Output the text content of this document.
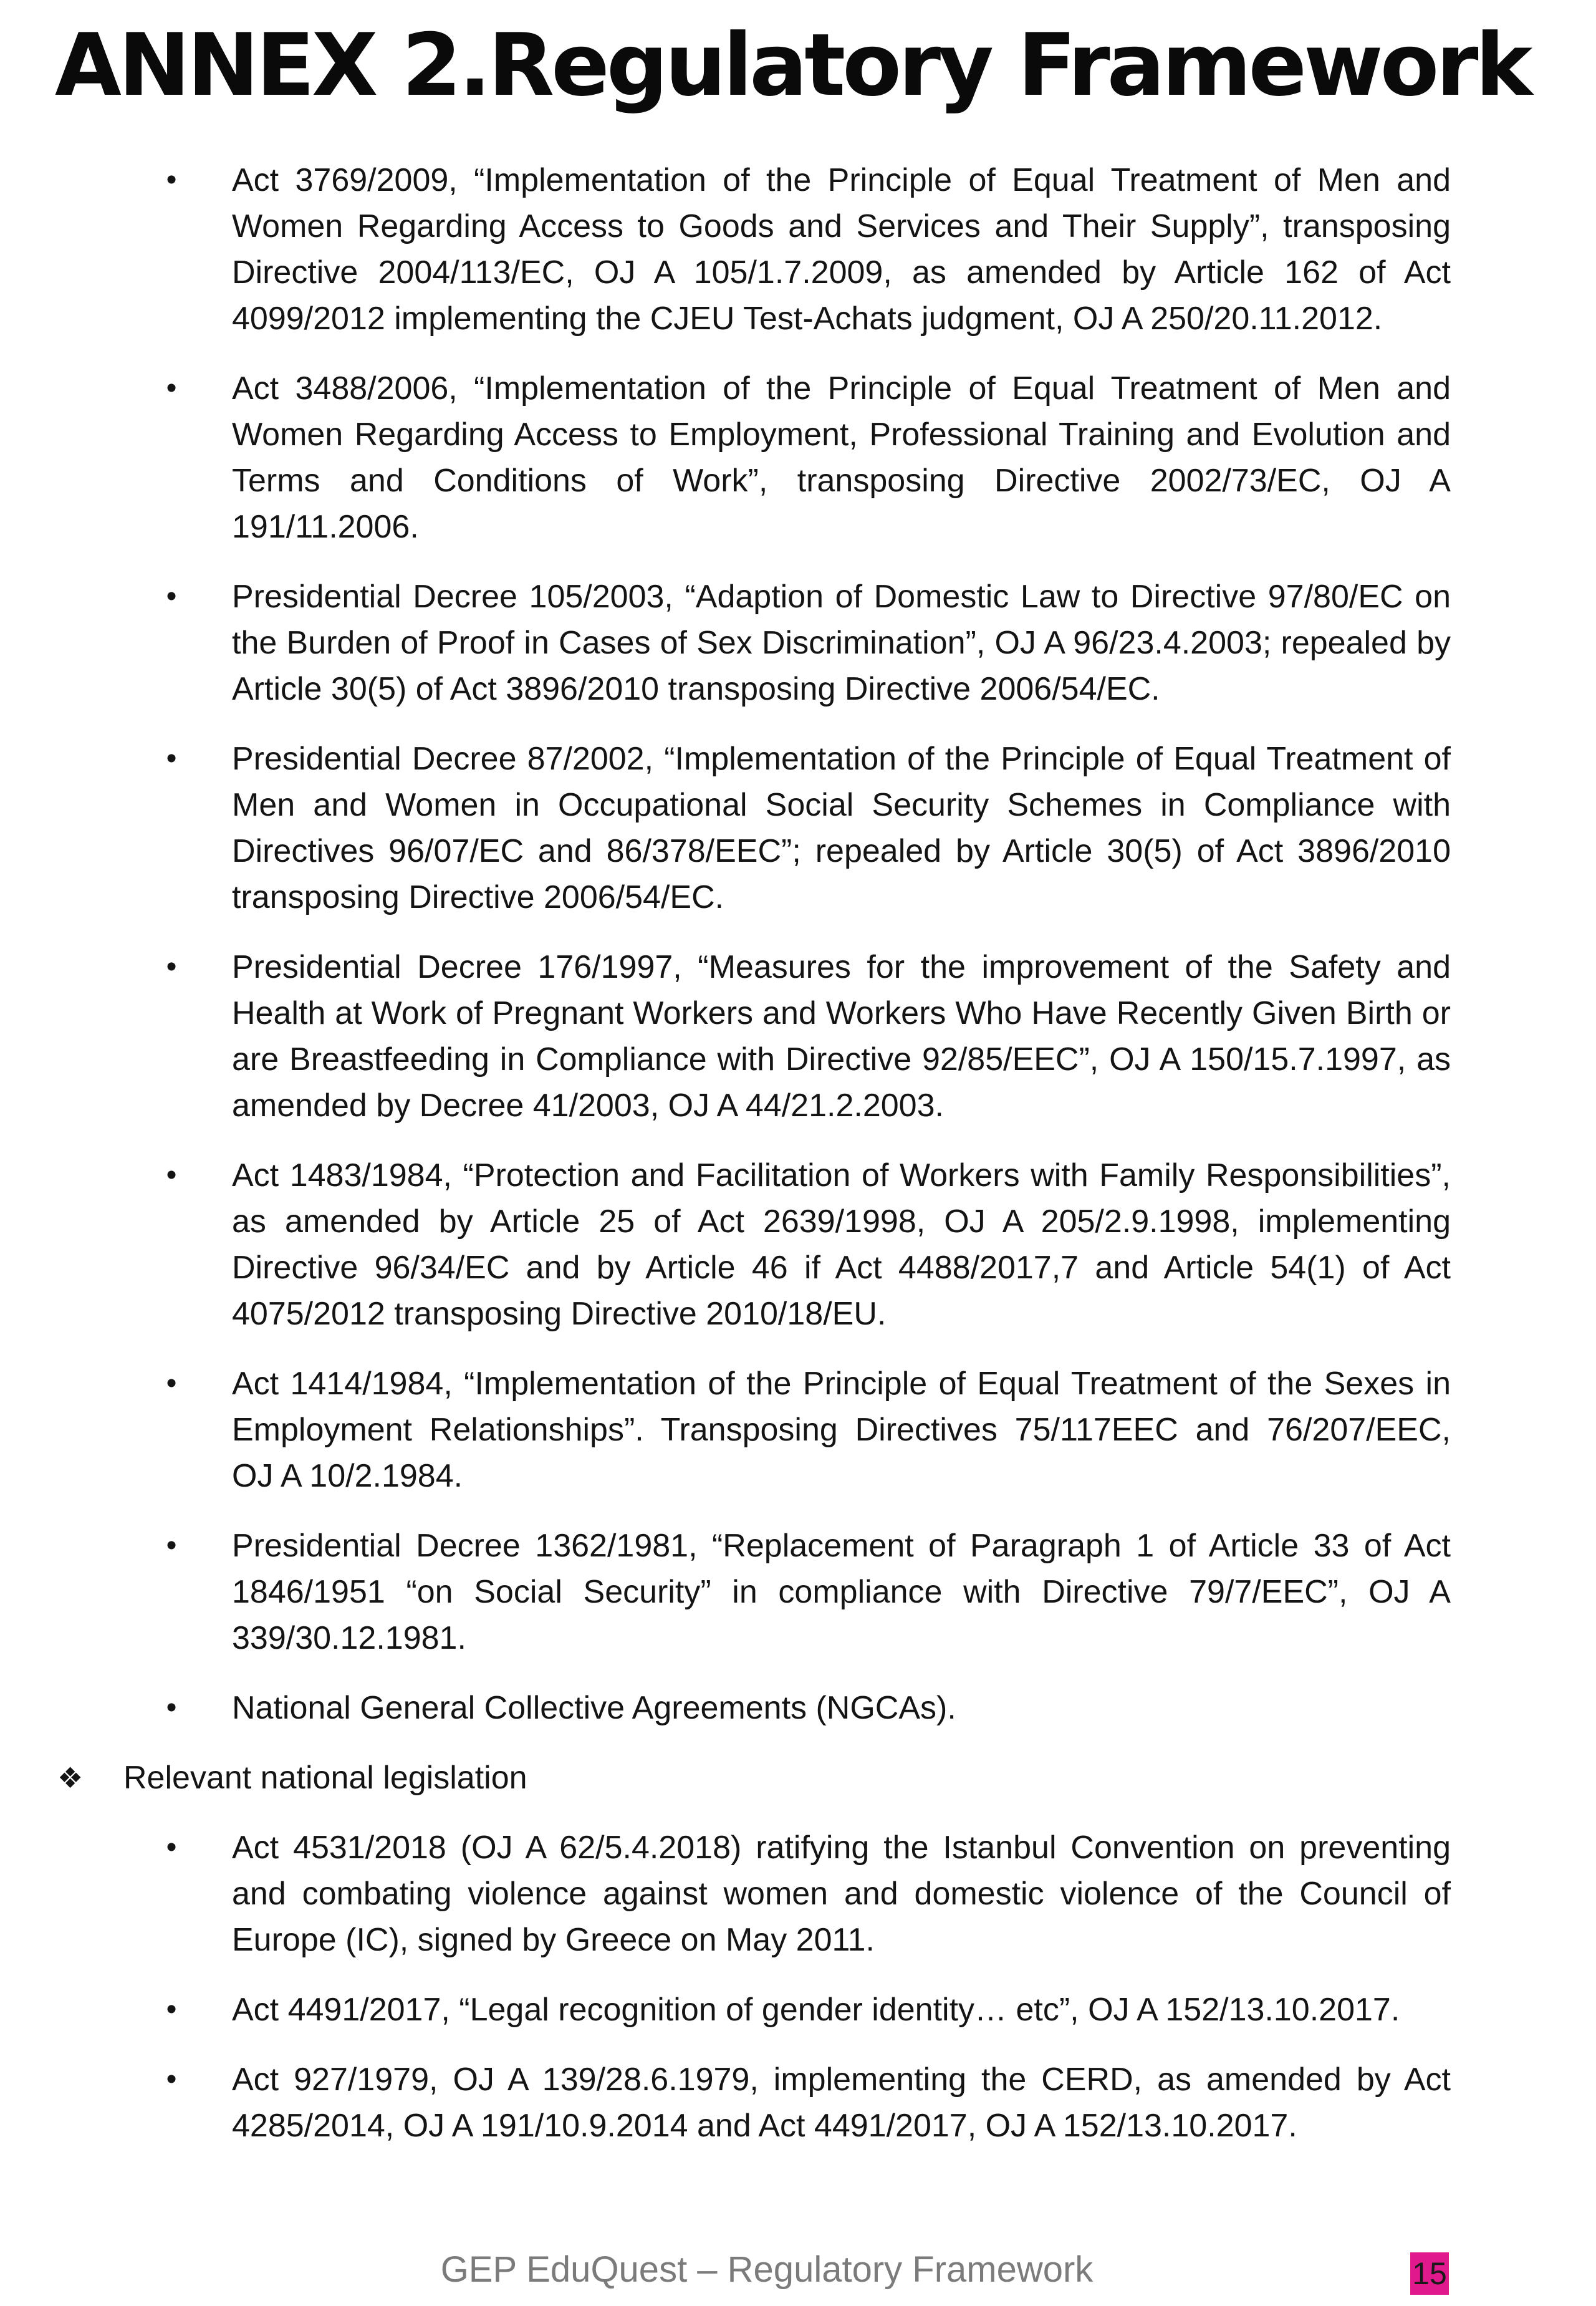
ANNEX 2.Regulatory Framework
• Act 3769/2009, “Implementation of the Principle of Equal Treatment of Men and Women Regarding Access to Goods and Services and Their Supply”, transposing Directive 2004/113/EC, OJ A 105/1.7.2009, as amended by Article 162 of Act 4099/2012 implementing the CJEU Test-Achats judgment, OJ A 250/20.11.2012.
• Act 3488/2006, “Implementation of the Principle of Equal Treatment of Men and Women Regarding Access to Employment, Professional Training and Evolution and Terms and Conditions of Work”, transposing Directive 2002/73/EC, OJ A 191/11.2006.
• Presidential Decree 105/2003, “Adaption of Domestic Law to Directive 97/80/EC on the Burden of Proof in Cases of Sex Discrimination”, OJ A 96/23.4.2003; repealed by Article 30(5) of Act 3896/2010 transposing Directive 2006/54/EC.
• Presidential Decree 87/2002, “Implementation of the Principle of Equal Treatment of Men and Women in Occupational Social Security Schemes in Compliance with Directives 96/07/EC and 86/378/EEC”; repealed by Article 30(5) of Act 3896/2010 transposing Directive 2006/54/EC.
• Presidential Decree 176/1997, “Measures for the improvement of the Safety and Health at Work of Pregnant Workers and Workers Who Have Recently Given Birth or are Breastfeeding in Compliance with Directive 92/85/EEC”, OJ A 150/15.7.1997, as amended by Decree 41/2003, OJ A 44/21.2.2003.
• Act 1483/1984, “Protection and Facilitation of Workers with Family Responsibilities”, as amended by Article 25 of Act 2639/1998, OJ A 205/2.9.1998, implementing Directive 96/34/EC and by Article 46 if Act 4488/2017,7 and Article 54(1) of Act 4075/2012 transposing Directive 2010/18/EU.
• Act 1414/1984, “Implementation of the Principle of Equal Treatment of the Sexes in Employment Relationships”. Transposing Directives 75/117EEC and 76/207/EEC, OJ A 10/2.1984.
• Presidential Decree 1362/1981, “Replacement of Paragraph 1 of Article 33 of Act 1846/1951 “on Social Security” in compliance with Directive 79/7/EEC”, OJ A 339/30.12.1981.
• National General Collective Agreements (NGCAs).
❖ Relevant national legislation
• Act 4531/2018 (OJ A 62/5.4.2018) ratifying the Istanbul Convention on preventing and combating violence against women and domestic violence of the Council of Europe (IC), signed by Greece on May 2011.
• Act 4491/2017, “Legal recognition of gender identity… etc”, OJ A 152/13.10.2017.
• Act 927/1979, OJ A 139/28.6.1979, implementing the CERD, as amended by Act 4285/2014, OJ A 191/10.9.2014 and Act 4491/2017, OJ A 152/13.10.2017.
GEP EduQuest – Regulatory Framework	15
